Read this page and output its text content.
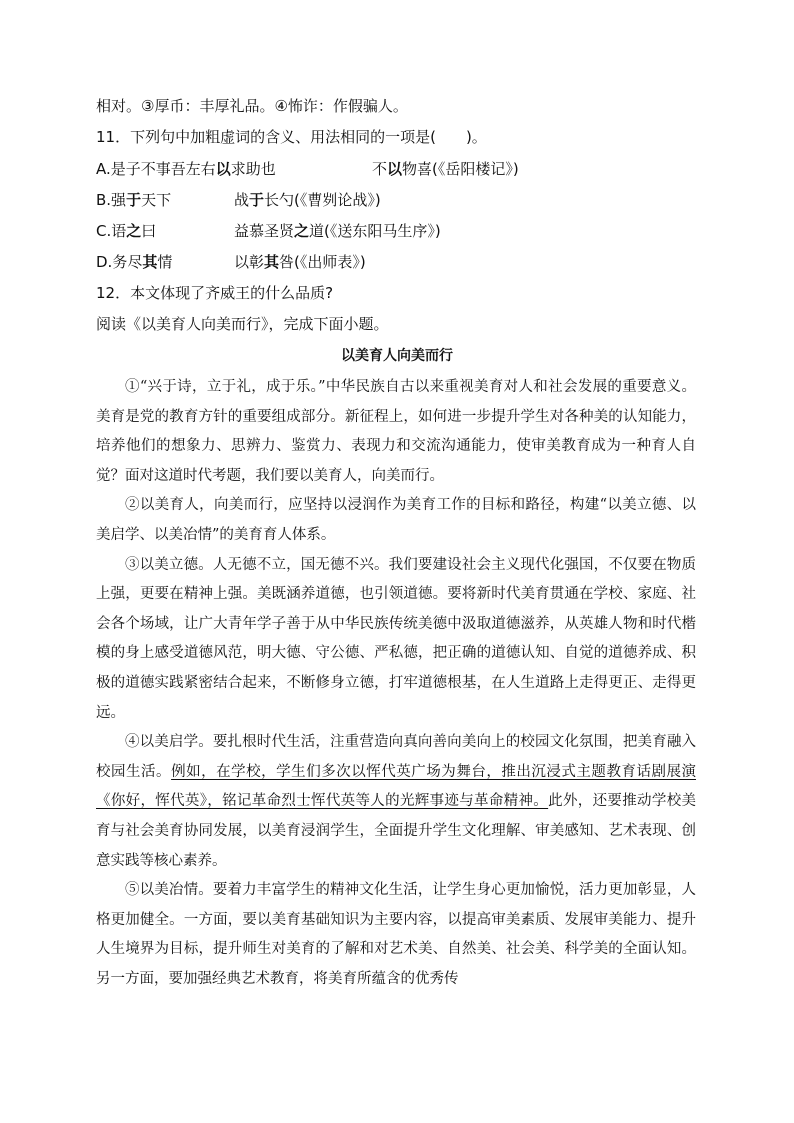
相对。③厚币：丰厚礼品。④怖诈：作假骗人。
11．下列句中加粗虚词的含义、用法相同的一项是(　　)。
A.是子不事吾左右以求助也	不以物喜(《岳阳楼记》)
B.强于天下	战于长勺(《曹刿论战》)
C.语之曰	益慕圣贤之道(《送东阳马生序》)
D.务尽其情	以彰其咎(《出师表》)
12．本文体现了齐威王的什么品质?
阅读《以美育人向美而行》，完成下面小题。
以美育人向美而行

①“兴于诗，立于礼，成于乐。”中华民族自古以来重视美育对人和社会发展的重要意义。美育是党的教育方针的重要组成部分。新征程上，如何进一步提升学生对各种美的认知能力，培养他们的想象力、思辨力、鉴赏力、表现力和交流沟通能力，使审美教育成为一种育人自觉？面对这道时代考题，我们要以美育人，向美而行。

②以美育人，向美而行，应坚持以浸润作为美育工作的目标和路径，构建“以美立德、以美启学、以美冶情”的美育育人体系。

③以美立德。人无德不立，国无德不兴。我们要建设社会主义现代化强国，不仅要在物质上强，更要在精神上强。美既涵养道德，也引领道德。要将新时代美育贯通在学校、家庭、社会各个场域，让广大青年学子善于从中华民族传统美德中汲取道德滋养，从英雄人物和时代楷模的身上感受道德风范，明大德、守公德、严私德，把正确的道德认知、自觉的道德养成、积极的道德实践紧密结合起来，不断修身立德，打牢道德根基，在人生道路上走得更正、走得更远。

④以美启学。要扎根时代生活，注重营造向真向善向美向上的校园文化氛围，把美育融入校园生活。例如，在学校，学生们多次以恽代英广场为舞台，推出沉浸式主题教育话剧展演《你好，恽代英》，铭记革命烈士恽代英等人的光辉事迹与革命精神。此外，还要推动学校美育与社会美育协同发展，以美育浸润学生，全面提升学生文化理解、审美感知、艺术表现、创意实践等核心素养。

⑤以美冶情。要着力丰富学生的精神文化生活，让学生身心更加愉悦，活力更加彰显，人格更加健全。一方面，要以美育基础知识为主要内容，以提高审美素质、发展审美能力、提升人生境界为目标，提升师生对美育的了解和对艺术美、自然美、社会美、科学美的全面认知。另一方面，要加强经典艺术教育，将美育所蕴含的优秀传
